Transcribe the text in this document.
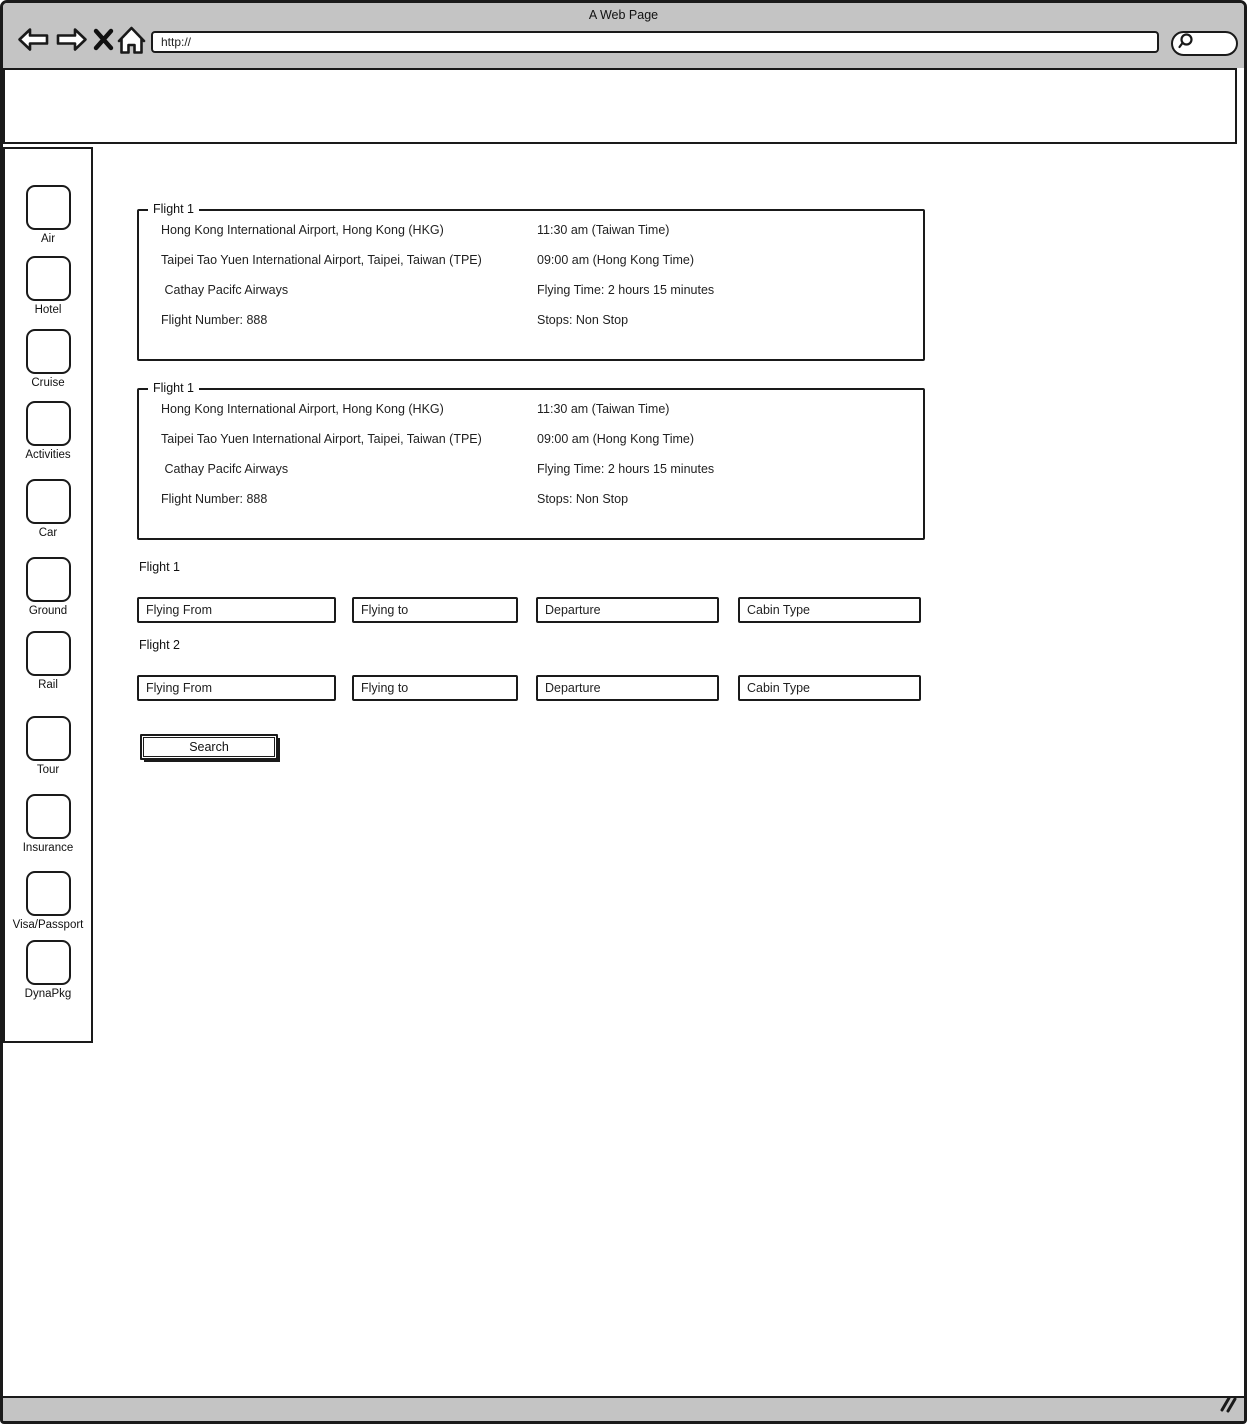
A Web Page
http://
Air
Hotel
Cruise
Activities
Car
Ground
Rail
Tour
Insurance
Visa/Passport
DynaPkg
Flight 1
Hong Kong International Airport, Hong Kong (HKG)	11:30 am (Taiwan Time)
Taipei Tao Yuen International Airport, Taipei, Taiwan (TPE)	09:00 am (Hong Kong Time)
Cathay Pacifc Airways	Flying Time: 2 hours 15 minutes
Flight Number: 888	Stops: Non Stop
Flight 1
Hong Kong International Airport, Hong Kong (HKG)	11:30 am (Taiwan Time)
Taipei Tao Yuen International Airport, Taipei, Taiwan (TPE)	09:00 am (Hong Kong Time)
Cathay Pacifc Airways	Flying Time: 2 hours 15 minutes
Flight Number: 888	Stops: Non Stop
Flight 1
Flying From
Flying to
Departure
Cabin Type
Flight 2
Flying From
Flying to
Departure
Cabin Type
Search
